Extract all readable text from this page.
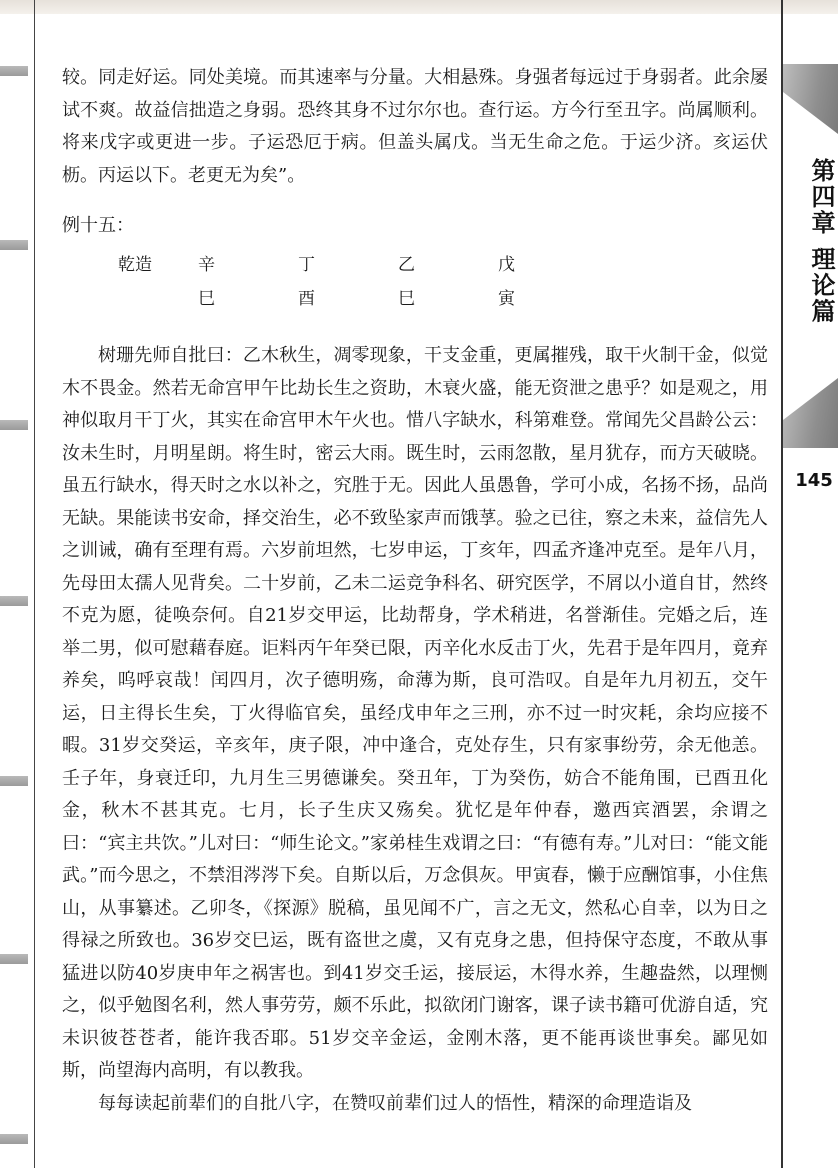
第四章 理论篇
145

较。同走好运。同处美境。而其速率与分量。大相悬殊。身强者每远过于身弱者。此余屡试不爽。故益信拙造之身弱。恐终其身不过尔尔也。查行运。方今行至丑字。尚属顺利。将来戊字或更进一步。子运恐厄于病。但盖头属戊。当无生命之危。于运少济。亥运伏枥。丙运以下。老更无为矣”。

例十五：

乾造	辛	丁	乙	戊
	巳	酉	巳	寅

树珊先师自批曰：乙木秋生，凋零现象，干支金重，更属摧残，取干火制干金，似觉木不畏金。然若无命宫甲午比劫长生之资助，木衰火盛，能无资泄之患乎？如是观之，用神似取月干丁火，其实在命宫甲木午火也。惜八字缺水，科第难登。常闻先父昌龄公云：汝未生时，月明星朗。将生时，密云大雨。既生时，云雨忽散，星月犹存，而方天破晓。虽五行缺水，得天时之水以补之，究胜于无。因此人虽愚鲁，学可小成，名扬不扬，品尚无缺。果能读书安命，择交治生，必不致坠家声而饿莩。验之已往，察之未来，益信先人之训诫，确有至理有焉。六岁前坦然，七岁申运，丁亥年，四孟齐逢冲克至。是年八月，先母田太孺人见背矣。二十岁前，乙未二运竞争科名、研究医学，不屑以小道自甘，然终不克为愿，徒唤奈何。自21岁交甲运，比劫帮身，学术稍进，名誉渐佳。完婚之后，连举二男，似可慰藉春庭。讵料丙午年癸已限，丙辛化水反击丁火，先君于是年四月，竟弃养矣，呜呼哀哉！闰四月，次子德明殇，命薄为斯，良可浩叹。自是年九月初五，交午运，日主得长生矣，丁火得临官矣，虽经戊申年之三刑，亦不过一时灾耗，余均应接不暇。31岁交癸运，辛亥年，庚子限，冲中逢合，克处存生，只有家事纷劳，余无他恙。壬子年，身衰迁印，九月生三男德谦矣。癸丑年，丁为癸伤，妨合不能角围，已酉丑化金，秋木不甚其克。七月，长子生庆又殇矣。犹忆是年仲春，邀西宾酒罢，余谓之曰：“宾主共饮。”儿对曰：“师生论文。”家弟桂生戏谓之曰：“有德有寿。”儿对曰：“能文能武。”而今思之，不禁泪涔涔下矣。自斯以后，万念俱灰。甲寅春，懒于应酬馆事，小住焦山，从事纂述。乙卯冬，《探源》脱稿，虽见闻不广，言之无文，然私心自幸，以为日之得禄之所致也。36岁交巳运，既有盗世之虞，又有克身之患，但持保守态度，不敢从事猛进以防40岁庚申年之祸害也。到41岁交壬运，接辰运，木得水养，生趣盎然，以理恻之，似乎勉图名利，然人事劳劳，颇不乐此，拟欲闭门谢客，课子读书籍可优游自适，究未识彼苍苍者，能许我否耶。51岁交辛金运，金刚木落，更不能再谈世事矣。鄙见如斯，尚望海内高明，有以教我。

每每读起前辈们的自批八字，在赞叹前辈们过人的悟性，精深的命理造诣及
